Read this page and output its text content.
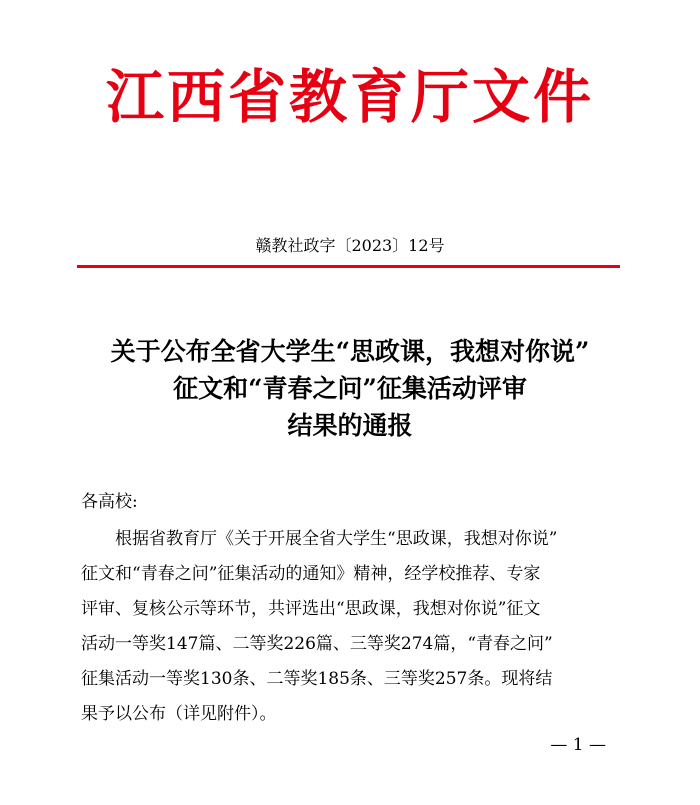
江西省教育厅文件
赣教社政字〔2023〕12号
关于公布全省大学生“思政课，我想对你说”
征文和“青春之问”征集活动评审
结果的通报
各高校:
根据省教育厅《关于开展全省大学生“思政课，我想对你说”
征文和“青春之问”征集活动的通知》精神，经学校推荐、专家
评审、复核公示等环节，共评选出“思政课，我想对你说”征文
活动一等奖147篇、二等奖226篇、三等奖274篇，“青春之问”
征集活动一等奖130条、二等奖185条、三等奖257条。现将结
果予以公布（详见附件）。
— 1 —
